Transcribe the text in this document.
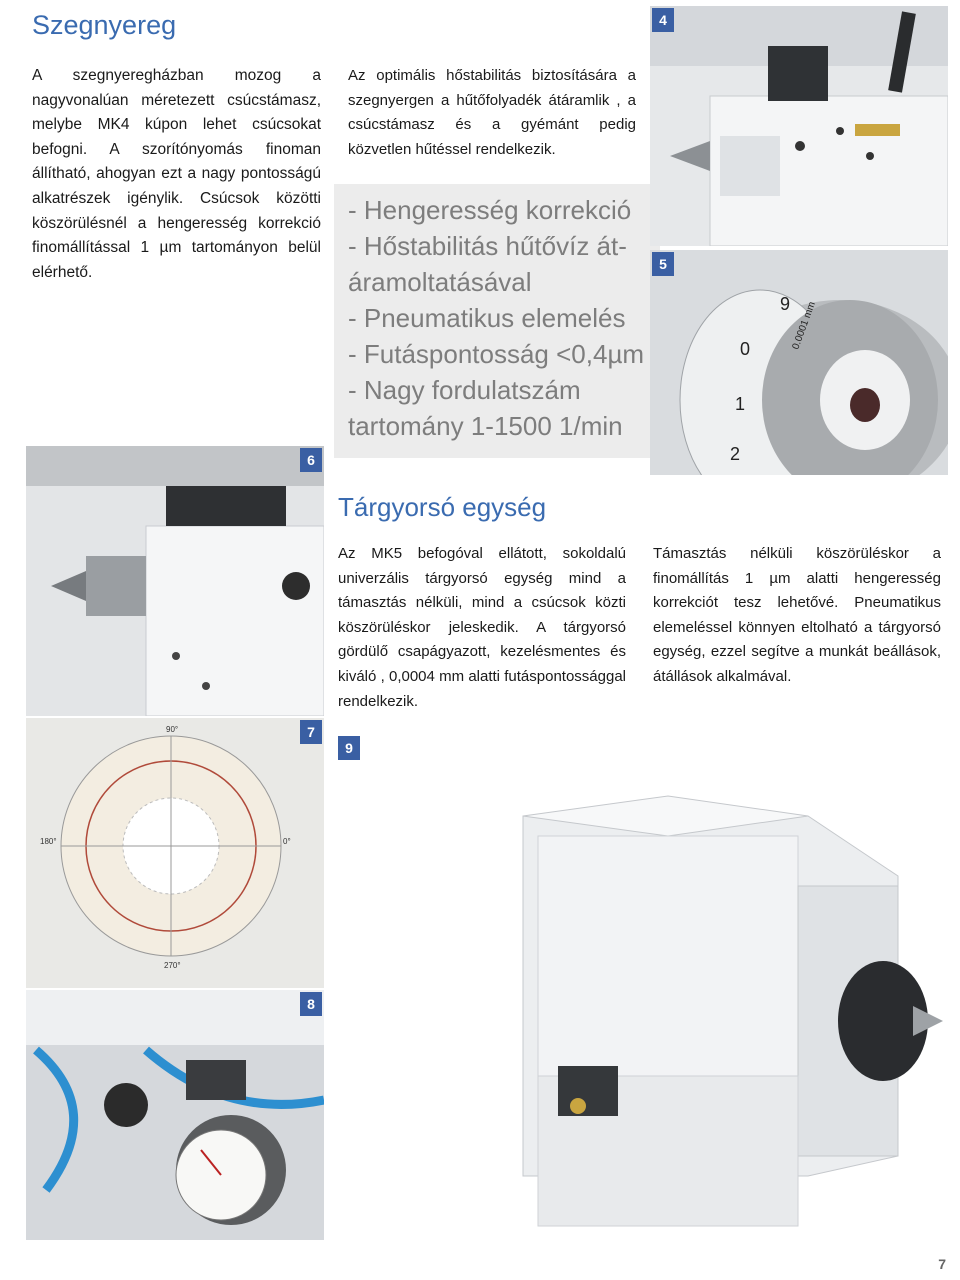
Szegnyereg

A szegnyeregházban mozog a nagyvonalúan méretezett csúcstámasz, melybe MK4 kúpon lehet csúcsokat befogni. A szorítónyomás finoman állítható, ahogyan ezt a nagy pontosságú alkatrészek igénylik. Csúcsok közötti köszörülésnél a hengeresség korrekció finomállítással 1 µm tartományon belül elérhető.

Az optimális hőstabilitás biztosítására a szegnyergen a hűtőfolyadék átáramlik , a csúcstámasz és a gyémánt pedig közvetlen hűtéssel rendelkezik.

- Hengeresség korrekció
- Hőstabilitás hűtővíz át-
áramoltatásával
- Pneumatikus elemelés
- Futáspontosság <0,4µm
- Nagy fordulatszám
tartomány 1-1500 1/min
4
0
9
1
2
0.0001 mm
5
6
90°
0°
180°
270°
7
8
Tárgyorsó egység

Az MK5 befogóval ellátott, sokoldalú univerzális tárgyorsó egység mind a támasztás nélküli, mind a csúcsok közti köszörüléskor jeleskedik. A tárgyorsó gördülő csapágyazott, kezelésmentes és kiváló , 0,0004 mm alatti futáspontossággal rendelkezik.

Támasztás nélküli köszörüléskor a finomállítás 1 µm alatti hengeresség korrekciót tesz lehetővé. Pneumatikus elemeléssel könnyen eltolható a tárgyorsó egység, ezzel segítve a munkát beállások, átállások alkalmával.

9
7
